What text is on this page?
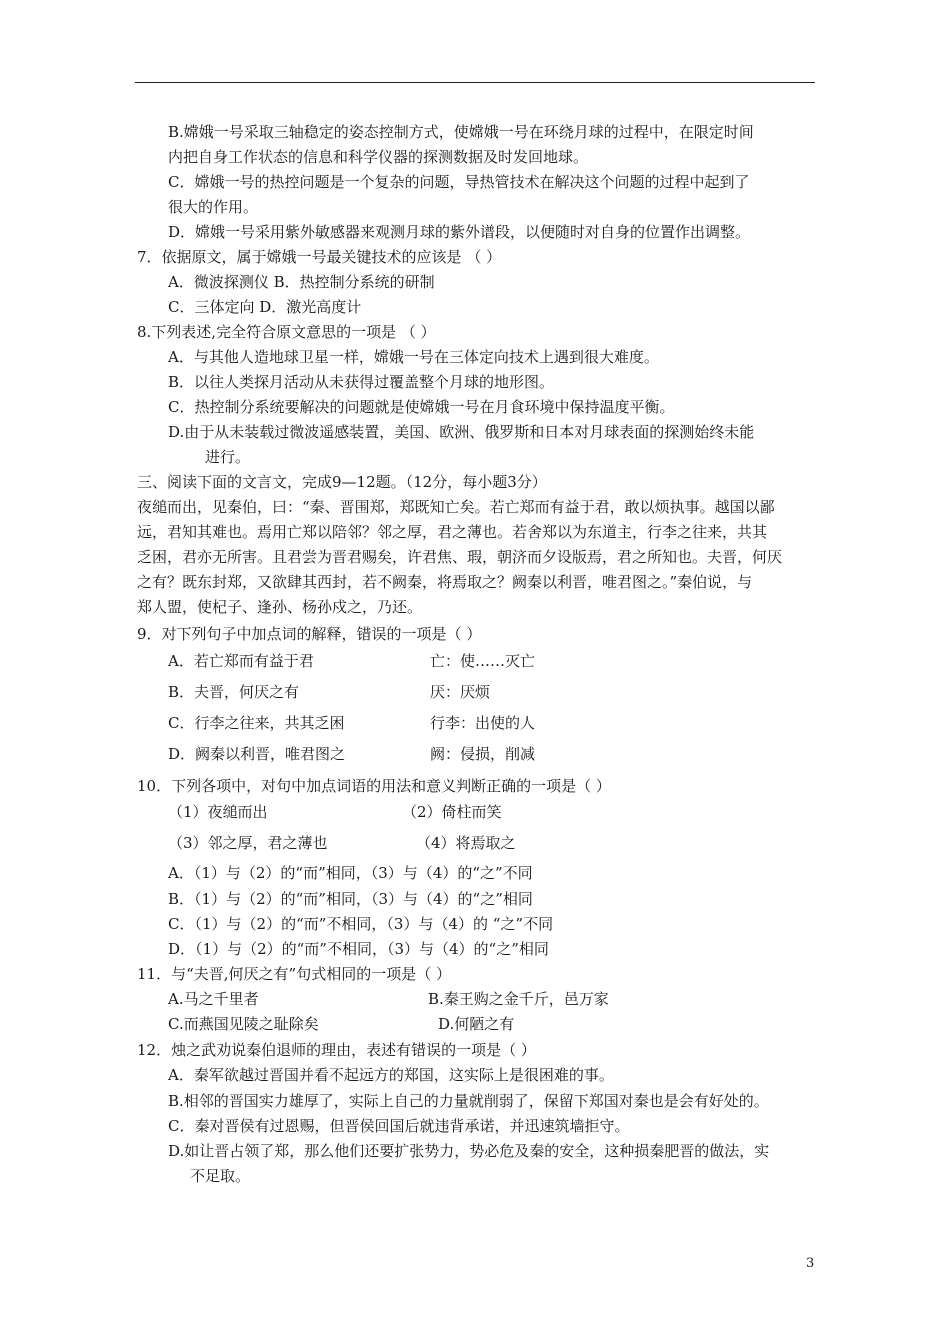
B.嫦娥一号采取三轴稳定的姿态控制方式，使嫦娥一号在环绕月球的过程中，在限定时间
内把自身工作状态的信息和科学仪器的探测数据及时发回地球。
C．嫦娥一号的热控问题是一个复杂的问题，导热管技术在解决这个问题的过程中起到了
很大的作用。
D．嫦娥一号采用紫外敏感器来观测月球的紫外谱段，以便随时对自身的位置作出调整。
7．依据原文，属于嫦娥一号最关键技术的应该是 （ ）
A．微波探测仪 B．热控制分系统的研制
C．三体定向 D．激光高度计
8.下列表述,完全符合原文意思的一项是 （ ）
A．与其他人造地球卫星一样，嫦娥一号在三体定向技术上遇到很大难度。
B．以往人类探月活动从未获得过覆盖整个月球的地形图。
C．热控制分系统要解决的问题就是使嫦娥一号在月食环境中保持温度平衡。
D.由于从未装载过微波遥感装置，美国、欧洲、俄罗斯和日本对月球表面的探测始终未能
进行。
三、阅读下面的文言文，完成9—12题。（12分，每小题3分）
夜缒而出，见秦伯，曰：“秦、晋围郑，郑既知亡矣。若亡郑而有益于君，敢以烦执事。越国以鄙
远，君知其难也。焉用亡郑以陪邻？邻之厚，君之薄也。若舍郑以为东道主，行李之往来，共其
乏困，君亦无所害。且君尝为晋君赐矣，许君焦、瑕，朝济而夕设版焉，君之所知也。夫晋，何厌
之有？既东封郑，又欲肆其西封，若不阙秦，将焉取之？阙秦以利晋，唯君图之。”秦伯说，与
郑人盟，使杞子、逢孙、杨孙戍之，乃还。
9．对下列句子中加点词的解释，错误的一项是（ ）
A．若亡郑而有益于君	亡：使……灭亡
B．夫晋，何厌之有	厌：厌烦
C．行李之往来，共其乏困	行李：出使的人
D．阙秦以利晋，唯君图之	阙：侵损，削减
10．下列各项中，对句中加点词语的用法和意义判断正确的一项是（ ）
（1）夜缒而出	（2）倚柱而笑
（3）邻之厚，君之薄也	（4）将焉取之
A．（1）与（2）的“而”相同，（3）与（4）的“之”不同
B．（1）与（2）的“而”相同，（3）与（4）的“之”相同
C．（1）与（2）的“而”不相同，（3）与（4）的 “之”不同
D．（1）与（2）的“而”不相同，（3）与（4）的“之”相同
11．与“夫晋,何厌之有”句式相同的一项是（ ）
A.马之千里者	B.秦王购之金千斤，邑万家
C.而燕国见陵之耻除矣	D.何陋之有
12．烛之武劝说秦伯退师的理由，表述有错误的一项是（ ）
A．秦军欲越过晋国并看不起远方的郑国，这实际上是很困难的事。
B.相邻的晋国实力雄厚了，实际上自己的力量就削弱了，保留下郑国对秦也是会有好处的。
C．秦对晋侯有过恩赐，但晋侯回国后就违背承诺，并迅速筑墙拒守。
D.如让晋占领了郑，那么他们还要扩张势力，势必危及秦的安全，这种损秦肥晋的做法，实
不足取。
3
